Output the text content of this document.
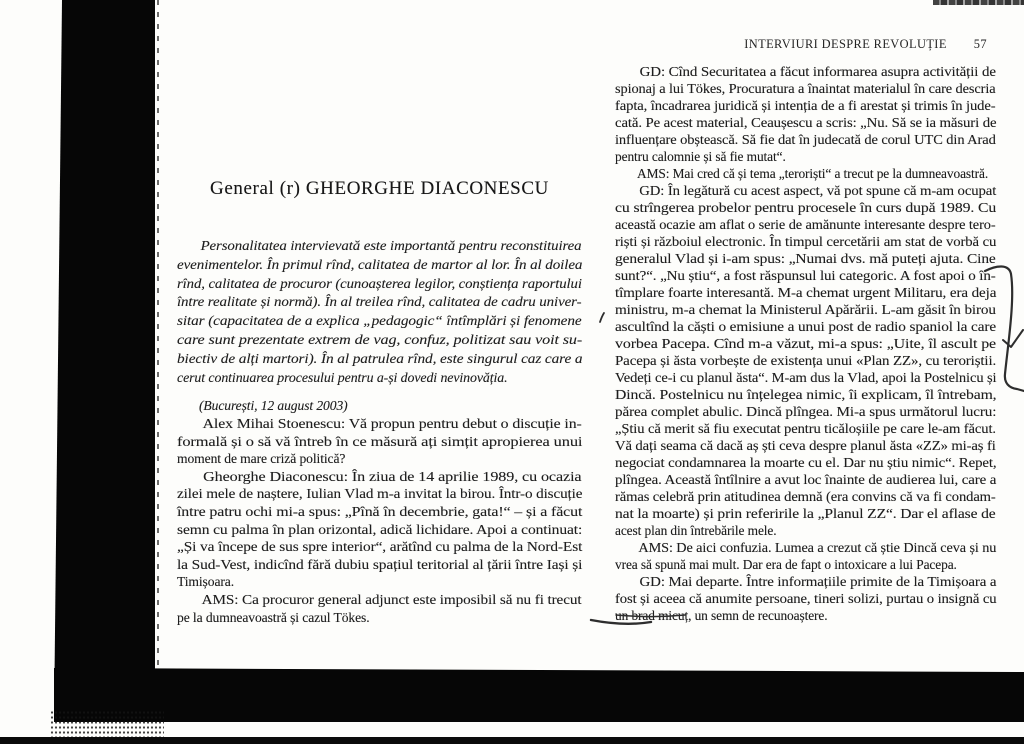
INTERVIURI DESPRE REVOLUȚIE 57
General (r) GHEORGHE DIACONESCU
Personalitatea intervievată este importantă pentru reconstituirea
evenimentelor. În primul rînd, calitatea de martor al lor. În al doilea
rînd, calitatea de procuror (cunoașterea legilor, conștiența raportului
între realitate și normă). În al treilea rînd, calitatea de cadru univer-
sitar (capacitatea de a explica „pedagogic“ întîmplări și fenomene
care sunt prezentate extrem de vag, confuz, politizat sau voit su-
biectiv de alți martori). În al patrulea rînd, este singurul caz care a
cerut continuarea procesului pentru a-și dovedi nevinovăția.
(București, 12 august 2003)
Alex Mihai Stoenescu: Vă propun pentru debut o discuție in-
formală și o să vă întreb în ce măsură ați simțit apropierea unui
moment de mare criză politică?
Gheorghe Diaconescu: În ziua de 14 aprilie 1989, cu ocazia
zilei mele de naștere, Iulian Vlad m-a invitat la birou. Într-o discuție
între patru ochi mi-a spus: „Pînă în decembrie, gata!“ – și a făcut
semn cu palma în plan orizontal, adică lichidare. Apoi a continuat:
„Și va începe de sus spre interior“, arătînd cu palma de la Nord-Est
la Sud-Vest, indicînd fără dubiu spațiul teritorial al țării între Iași și
Timișoara.
AMS: Ca procuror general adjunct este imposibil să nu fi trecut
pe la dumneavoastră și cazul Tökes.
GD: Cînd Securitatea a făcut informarea asupra activității de
spionaj a lui Tökes, Procuratura a înaintat materialul în care descria
fapta, încadrarea juridică și intenția de a fi arestat și trimis în jude-
cată. Pe acest material, Ceaușescu a scris: „Nu. Să se ia măsuri de
influențare obștească. Să fie dat în judecată de corul UTC din Arad
pentru calomnie și să fie mutat“.
AMS: Mai cred că și tema „teroriști“ a trecut pe la dumneavoastră.
GD: În legătură cu acest aspect, vă pot spune că m-am ocupat
cu strîngerea probelor pentru procesele în curs după 1989. Cu
această ocazie am aflat o serie de amănunte interesante despre tero-
riști și războiul electronic. În timpul cercetării am stat de vorbă cu
generalul Vlad și i-am spus: „Numai dvs. mă puteți ajuta. Cine
sunt?“. „Nu știu“, a fost răspunsul lui categoric. A fost apoi o în-
tîmplare foarte interesantă. M-a chemat urgent Militaru, era deja
ministru, m-a chemat la Ministerul Apărării. L-am găsit în birou
ascultînd la căști o emisiune a unui post de radio spaniol la care
vorbea Pacepa. Cînd m-a văzut, mi-a spus: „Uite, îl ascult pe
Pacepa și ăsta vorbește de existența unui «Plan ZZ», cu teroriștii.
Vedeți ce-i cu planul ăsta“. M-am dus la Vlad, apoi la Postelnicu și
Dincă. Postelnicu nu înțelegea nimic, îi explicam, îl întrebam,
părea complet abulic. Dincă plîngea. Mi-a spus următorul lucru:
„Știu că merit să fiu executat pentru ticăloșiile pe care le-am făcut.
Vă dați seama că dacă aș ști ceva despre planul ăsta «ZZ» mi-aș fi
negociat condamnarea la moarte cu el. Dar nu știu nimic“. Repet,
plîngea. Această întîlnire a avut loc înainte de audierea lui, care a
rămas celebră prin atitudinea demnă (era convins că va fi condam-
nat la moarte) și prin referirile la „Planul ZZ“. Dar el aflase de
acest plan din întrebările mele.
AMS: De aici confuzia. Lumea a crezut că știe Dincă ceva și nu
vrea să spună mai mult. Dar era de fapt o intoxicare a lui Pacepa.
GD: Mai departe. Între informațiile primite de la Timișoara a
fost și aceea că anumite persoane, tineri solizi, purtau o insignă cu
un brad micuț, un semn de recunoaștere.
